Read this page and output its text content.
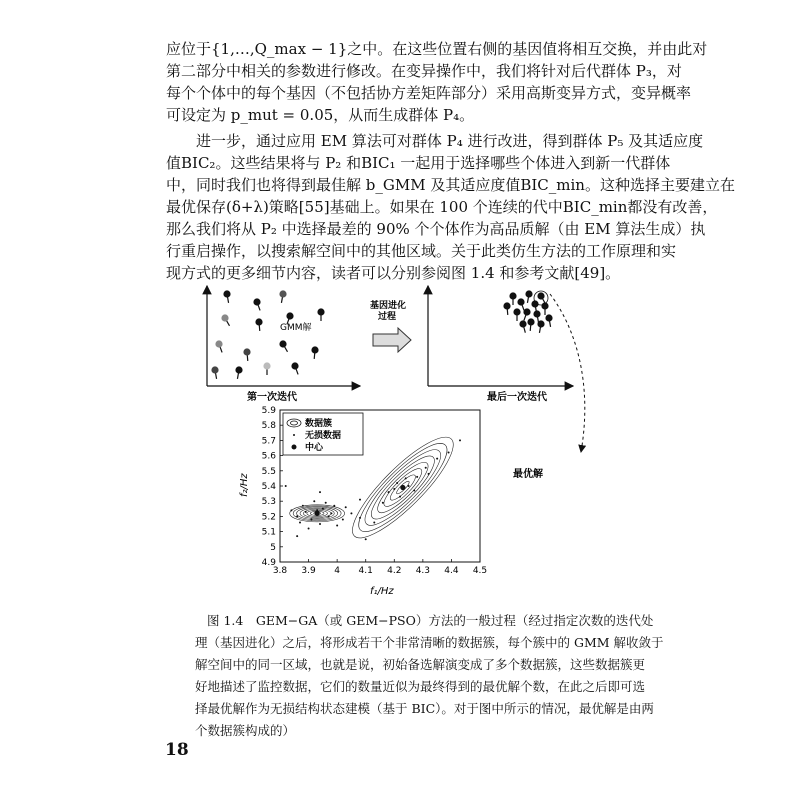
应位于{1,…,Q_max − 1}之中。在这些位置右侧的基因值将相互交换，并由此对
第二部分中相关的参数进行修改。在变异操作中，我们将针对后代群体 P₃，对
每个个体中的每个基因（不包括协方差矩阵部分）采用高斯变异方式，变异概率
可设定为 p_mut = 0.05，从而生成群体 P₄。
进一步，通过应用 EM 算法可对群体 P₄ 进行改进，得到群体 P₅ 及其适应度
值BIC₂。这些结果将与 P₂ 和BIC₁ 一起用于选择哪些个体进入到新一代群体
中，同时我们也将得到最佳解 b_GMM 及其适应度值BIC_min。这种选择主要建立在
最优保存(δ+λ)策略[55]基础上。如果在 100 个连续的代中BIC_min都没有改善，
那么我们将从 P₂ 中选择最差的 90% 个个体作为高品质解（由 EM 算法生成）执
行重启操作，以搜索解空间中的其他区域。关于此类仿生方法的工作原理和实
现方式的更多细节内容，读者可以分别参阅图 1.4 和参考文献[49]。
GMM解
第一次迭代
基因进化
过程
最后一次迭代
最优解
3.8 3.9 4 4.1 4.2 4.3 4.4 4.5
4.9
5
5.1
5.2
5.3
5.4
5.5
5.6
5.7
5.8
5.9
数据簇
无损数据
中心
f₁/Hz
f₂/Hz
图 1.4　GEM−GA（或 GEM−PSO）方法的一般过程（经过指定次数的迭代处
理（基因进化）之后，将形成若干个非常清晰的数据簇，每个簇中的 GMM 解收敛于
解空间中的同一区域，也就是说，初始备选解演变成了多个数据簇，这些数据簇更
好地描述了监控数据，它们的数量近似为最终得到的最优解个数，在此之后即可选
择最优解作为无损结构状态建模（基于 BIC）。对于图中所示的情况，最优解是由两
个数据簇构成的）
18
